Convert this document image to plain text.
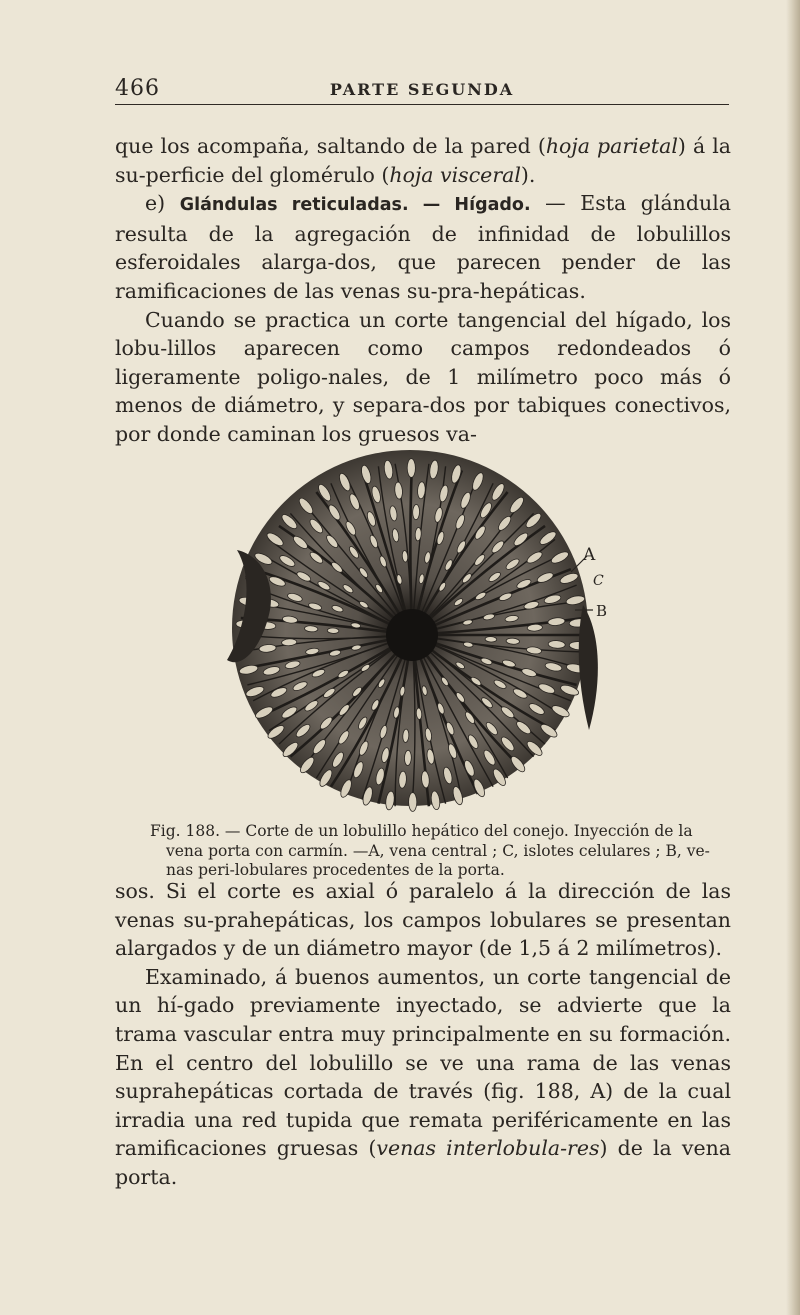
466	PARTE SEGUNDA

que los acompaña, saltando de la pared (hoja parietal) á la su-perficie del glomérulo (hoja visceral).

e) Glándulas reticuladas. — Hígado. — Esta glándula resulta de la agregación de infinidad de lobulillos esferoidales alarga-dos, que parecen pender de las ramificaciones de las venas su-pra-hepáticas.

Cuando se practica un corte tangencial del hígado, los lobu-lillos aparecen como campos redondeados ó ligeramente poligo-nales, de 1 milímetro poco más ó menos de diámetro, y separa-dos por tabiques conectivos, por donde caminan los gruesos va-

A
C
B

Fig. 188. — Corte de un lobulillo hepático del conejo. Inyección de la

vena porta con carmín. —A, vena central ; C, islotes celulares ; B, ve-

nas peri-lobulares procedentes de la porta.

sos. Si el corte es axial ó paralelo á la dirección de las venas su-prahepáticas, los campos lobulares se presentan alargados y de un diámetro mayor (de 1,5 á 2 milímetros).

Examinado, á buenos aumentos, un corte tangencial de un hí-gado previamente inyectado, se advierte que la trama vascular entra muy principalmente en su formación. En el centro del lobulillo se ve una rama de las venas suprahepáticas cortada de través (fig. 188, A) de la cual irradia una red tupida que remata periféricamente en las ramificaciones gruesas (venas interlobula-res) de la vena porta.
